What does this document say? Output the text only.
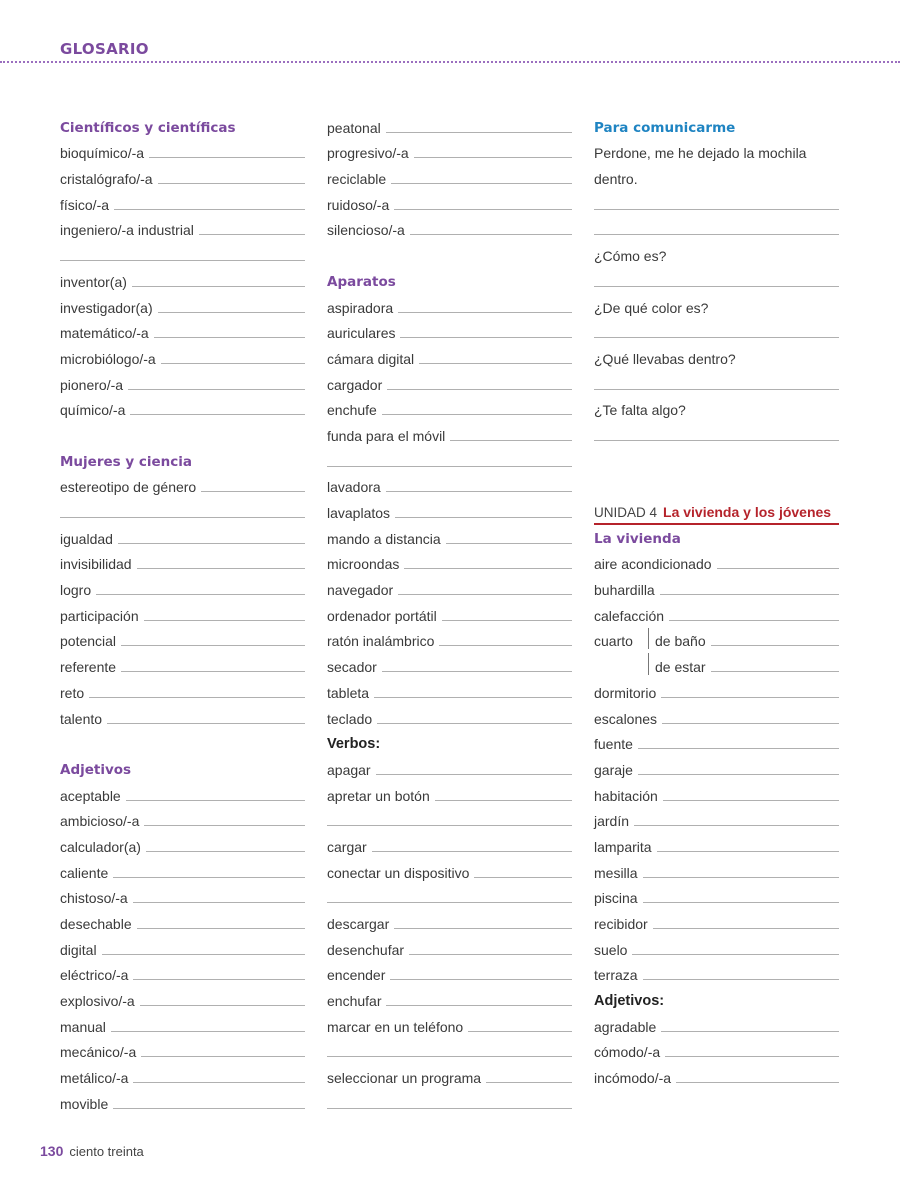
GLOSARIO
Científicos y científicas
bioquímico/-a
cristalógrafo/-a
físico/-a
ingeniero/-a industrial
inventor(a)
investigador(a)
matemático/-a
microbiólogo/-a
pionero/-a
químico/-a
Mujeres y ciencia
estereotipo de género
igualdad
invisibilidad
logro
participación
potencial
referente
reto
talento
Adjetivos
aceptable
ambicioso/-a
calculador(a)
caliente
chistoso/-a
desechable
digital
eléctrico/-a
explosivo/-a
manual
mecánico/-a
metálico/-a
movible
peatonal
progresivo/-a
reciclable
ruidoso/-a
silencioso/-a
Aparatos
aspiradora
auriculares
cámara digital
cargador
enchufe
funda para el móvil
lavadora
lavaplatos
mando a distancia
microondas
navegador
ordenador portátil
ratón inalámbrico
secador
tableta
teclado
Verbos:
apagar
apretar un botón
cargar
conectar un dispositivo
descargar
desenchufar
encender
enchufar
marcar en un teléfono
seleccionar un programa
Para comunicarme
Perdone, me he dejado la mochila
dentro.
¿Cómo es?
¿De qué color es?
¿Qué llevabas dentro?
¿Te falta algo?
UNIDAD 4 La vivienda y los jóvenes
La vivienda
aire acondicionado
buhardilla
calefacción
cuarto	de baño
de estar
dormitorio
escalones
fuente
garaje
habitación
jardín
lamparita
mesilla
piscina
recibidor
suelo
terraza
Adjetivos:
agradable
cómodo/-a
incómodo/-a
130 ciento treinta
